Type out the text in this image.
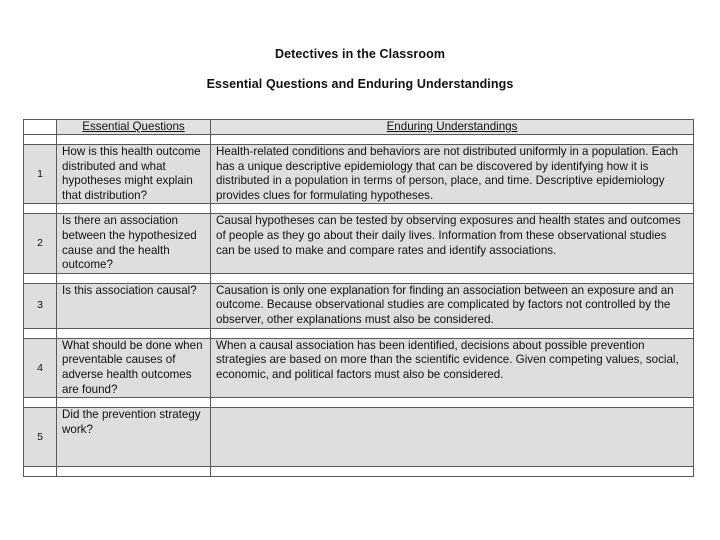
Detectives in the Classroom
Essential Questions and Enduring Understandings
	Essential Questions	Enduring Understandings

1	How is this health outcome distributed and what hypotheses might explain that distribution?	Health-related conditions and behaviors are not distributed uniformly in a population. Each has a unique descriptive epidemiology that can be discovered by identifying how it is distributed in a population in terms of person, place, and time. Descriptive epidemiology provides clues for formulating hypotheses.

2	Is there an association between the hypothesized cause and the health outcome?	Causal hypotheses can be tested by observing exposures and health states and outcomes of people as they go about their daily lives. Information from these observational studies can be used to make and compare rates and identify associations.

3	Is this association causal?	Causation is only one explanation for finding an association between an exposure and an outcome. Because observational studies are complicated by factors not controlled by the observer, other explanations must also be considered.

4	What should be done when preventable causes of adverse health outcomes are found?	When a causal association has been identified, decisions about possible prevention strategies are based on more than the scientific evidence. Given competing values, social, economic, and political factors must also be considered.

5	Did the prevention strategy work?	
